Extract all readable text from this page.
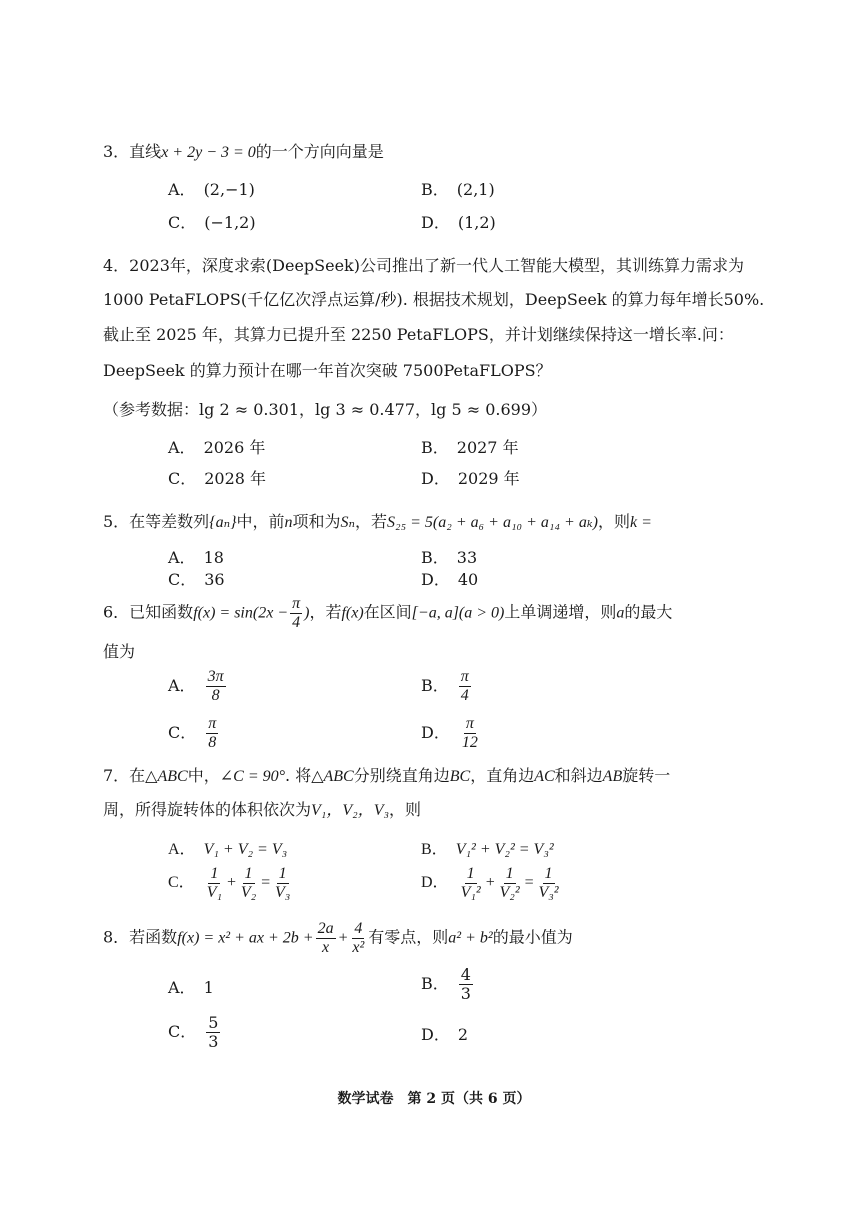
3．直线x + 2y − 3 = 0的一个方向向量是
A． (2,−1)	B． (2,1)
C． (−1,2)	D． (1,2)
4．2023年，深度求索(DeepSeek)公司推出了新一代人工智能大模型，其训练算力需求为
1000 PetaFLOPS(千亿亿次浮点运算/秒). 根据技术规划，DeepSeek 的算力每年增长50%.
截止至 2025 年，其算力已提升至 2250 PetaFLOPS，并计划继续保持这一增长率.问：
DeepSeek 的算力预计在哪一年首次突破 7500PetaFLOPS？
（参考数据：lg 2 ≈ 0.301，lg 3 ≈ 0.477，lg 5 ≈ 0.699）
A． 2026 年	B． 2027 年
C． 2028 年	D． 2029 年
5．在等差数列{aₙ}中，前n项和为Sₙ，若S₂₅ = 5(a₂ + a₆ + a₁₀ + a₁₄ + aₖ)，则k =
A． 18	B． 33
C． 36	D． 40
6．已知函数$f(x) = \sin(2x - \frac{\pi}{4}$ )，若f(x)在区间[−a, a](a > 0)上单调递增，则a的最大
值为
A． $\frac{3\pi}{8}$	B． $\frac{\pi}{4}$
C． $\frac{\pi}{8}$	D． $\frac{\pi}{12}$
7．在△ABC中，∠C = 90°. 将△ABC分别绕直角边BC，直角边AC和斜边AB旋转一
周，所得旋转体的体积依次为V₁，V₂，V₃，则
A． V₁ + V₂ = V₃	B． V₁² + V₂² = V₃²
C． $\frac{1}{\text{V₁}} + \frac{1}{\text{V₂}} = \frac{1}{\text{V₃}}$	D． $\frac{1}{\text{V₁²}} + \frac{1}{\text{V₂²}} = \frac{1}{\text{V₃²}}$
8．若函数f(x) = x² + ax + $2b + \frac{2a}{x} + \frac{4}{\text{x²}}$ 有零点，则a² + b²的最小值为
A． 1	B． $\frac{4}{3}$
C． $\frac{5}{3}$	D． 2
数学试卷　第 2 页（共 6 页）
